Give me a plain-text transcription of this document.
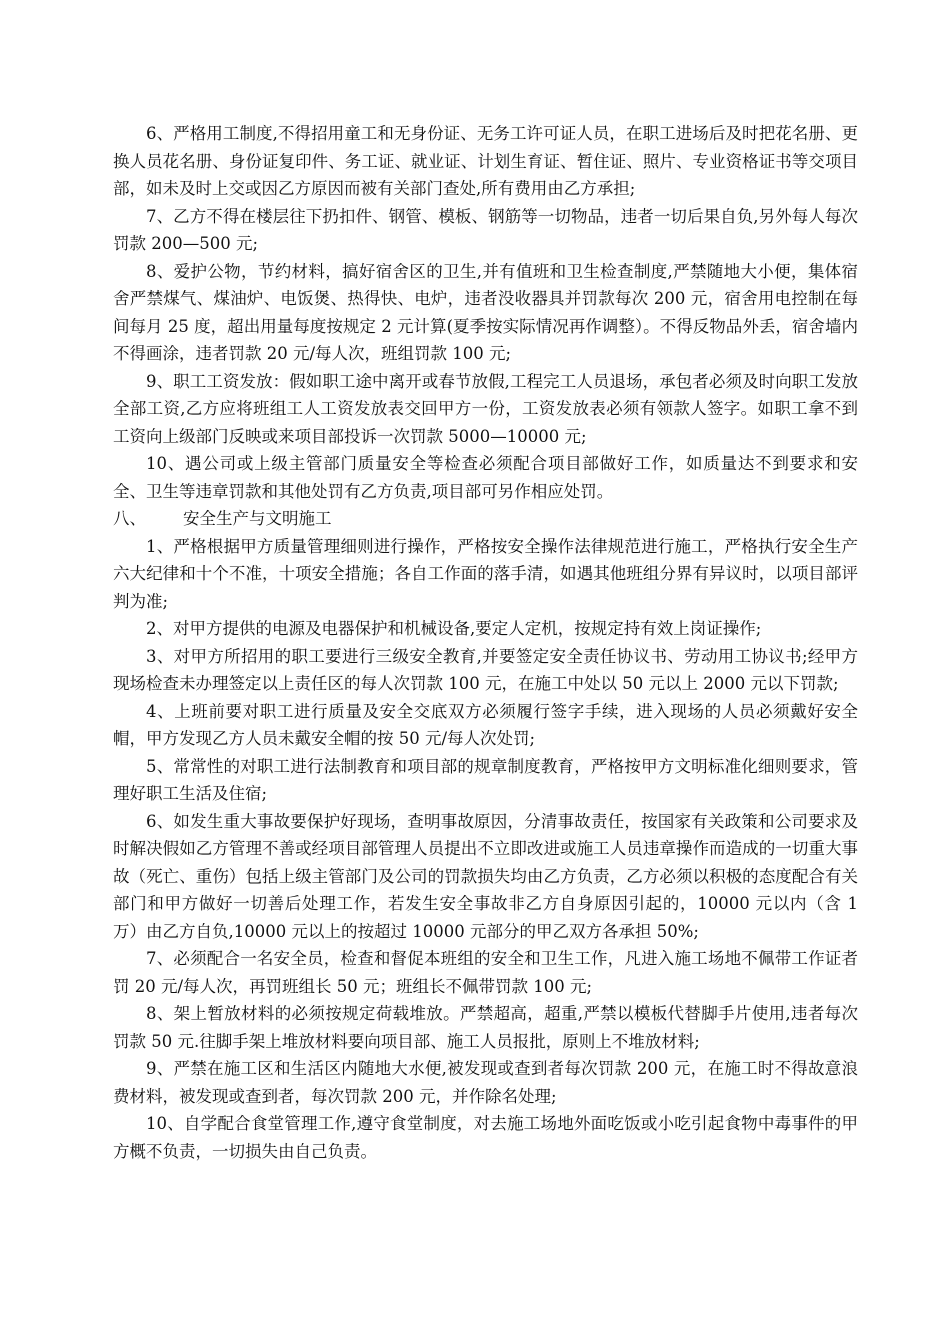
6、严格用工制度,不得招用童工和无身份证、无务工许可证人员，在职工进场后及时把花名册、更换人员花名册、身份证复印件、务工证、就业证、计划生育证、暂住证、照片、专业资格证书等交项目部，如未及时上交或因乙方原因而被有关部门查处,所有费用由乙方承担;

7、乙方不得在楼层往下扔扣件、钢管、模板、钢筋等一切物品，违者一切后果自负,另外每人每次罚款 200—500 元;

8、爱护公物，节约材料，搞好宿舍区的卫生,并有值班和卫生检查制度,严禁随地大小便，集体宿舍严禁煤气、煤油炉、电饭煲、热得快、电炉，违者没收器具并罚款每次 200 元，宿舍用电控制在每间每月 25 度，超出用量每度按规定 2 元计算(夏季按实际情况再作调整）。不得反物品外丢，宿舍墙内不得画涂，违者罚款 20 元/每人次，班组罚款 100 元;

9、职工工资发放：假如职工途中离开或春节放假,工程完工人员退场，承包者必须及时向职工发放全部工资,乙方应将班组工人工资发放表交回甲方一份，工资发放表必须有领款人签字。如职工拿不到工资向上级部门反映或来项目部投诉一次罚款 5000—10000 元;

10、遇公司或上级主管部门质量安全等检查必须配合项目部做好工作，如质量达不到要求和安全、卫生等违章罚款和其他处罚有乙方负责,项目部可另作相应处罚。

八、	安全生产与文明施工

1、严格根据甲方质量管理细则进行操作，严格按安全操作法律规范进行施工，严格执行安全生产六大纪律和十个不准，十项安全措施；各自工作面的落手清，如遇其他班组分界有异议时，以项目部评判为准;

2、对甲方提供的电源及电器保护和机械设备,要定人定机，按规定持有效上岗证操作;

3、对甲方所招用的职工要进行三级安全教育,并要签定安全责任协议书、劳动用工协议书;经甲方现场检查未办理签定以上责任区的每人次罚款 100 元，在施工中处以 50 元以上 2000 元以下罚款;

4、上班前要对职工进行质量及安全交底双方必须履行签字手续，进入现场的人员必须戴好安全帽，甲方发现乙方人员未戴安全帽的按 50 元/每人次处罚;

5、常常性的对职工进行法制教育和项目部的规章制度教育，严格按甲方文明标准化细则要求，管理好职工生活及住宿;

6、如发生重大事故要保护好现场，查明事故原因，分清事故责任，按国家有关政策和公司要求及时解决假如乙方管理不善或经项目部管理人员提出不立即改进或施工人员违章操作而造成的一切重大事故（死亡、重伤）包括上级主管部门及公司的罚款损失均由乙方负责，乙方必须以积极的态度配合有关部门和甲方做好一切善后处理工作，若发生安全事故非乙方自身原因引起的，10000 元以内（含 1 万）由乙方自负,10000 元以上的按超过 10000 元部分的甲乙双方各承担 50%;

7、必须配合一名安全员，检查和督促本班组的安全和卫生工作，凡进入施工场地不佩带工作证者罚 20 元/每人次，再罚班组长 50 元；班组长不佩带罚款 100 元;

8、架上暂放材料的必须按规定荷载堆放。严禁超高，超重,严禁以模板代替脚手片使用,违者每次罚款 50 元.往脚手架上堆放材料要向项目部、施工人员报批，原则上不堆放材料;

9、严禁在施工区和生活区内随地大水便,被发现或查到者每次罚款 200 元，在施工时不得故意浪费材料，被发现或查到者，每次罚款 200 元，并作除名处理;

10、自学配合食堂管理工作,遵守食堂制度，对去施工场地外面吃饭或小吃引起食物中毒事件的甲方概不负责，一切损失由自己负责。
